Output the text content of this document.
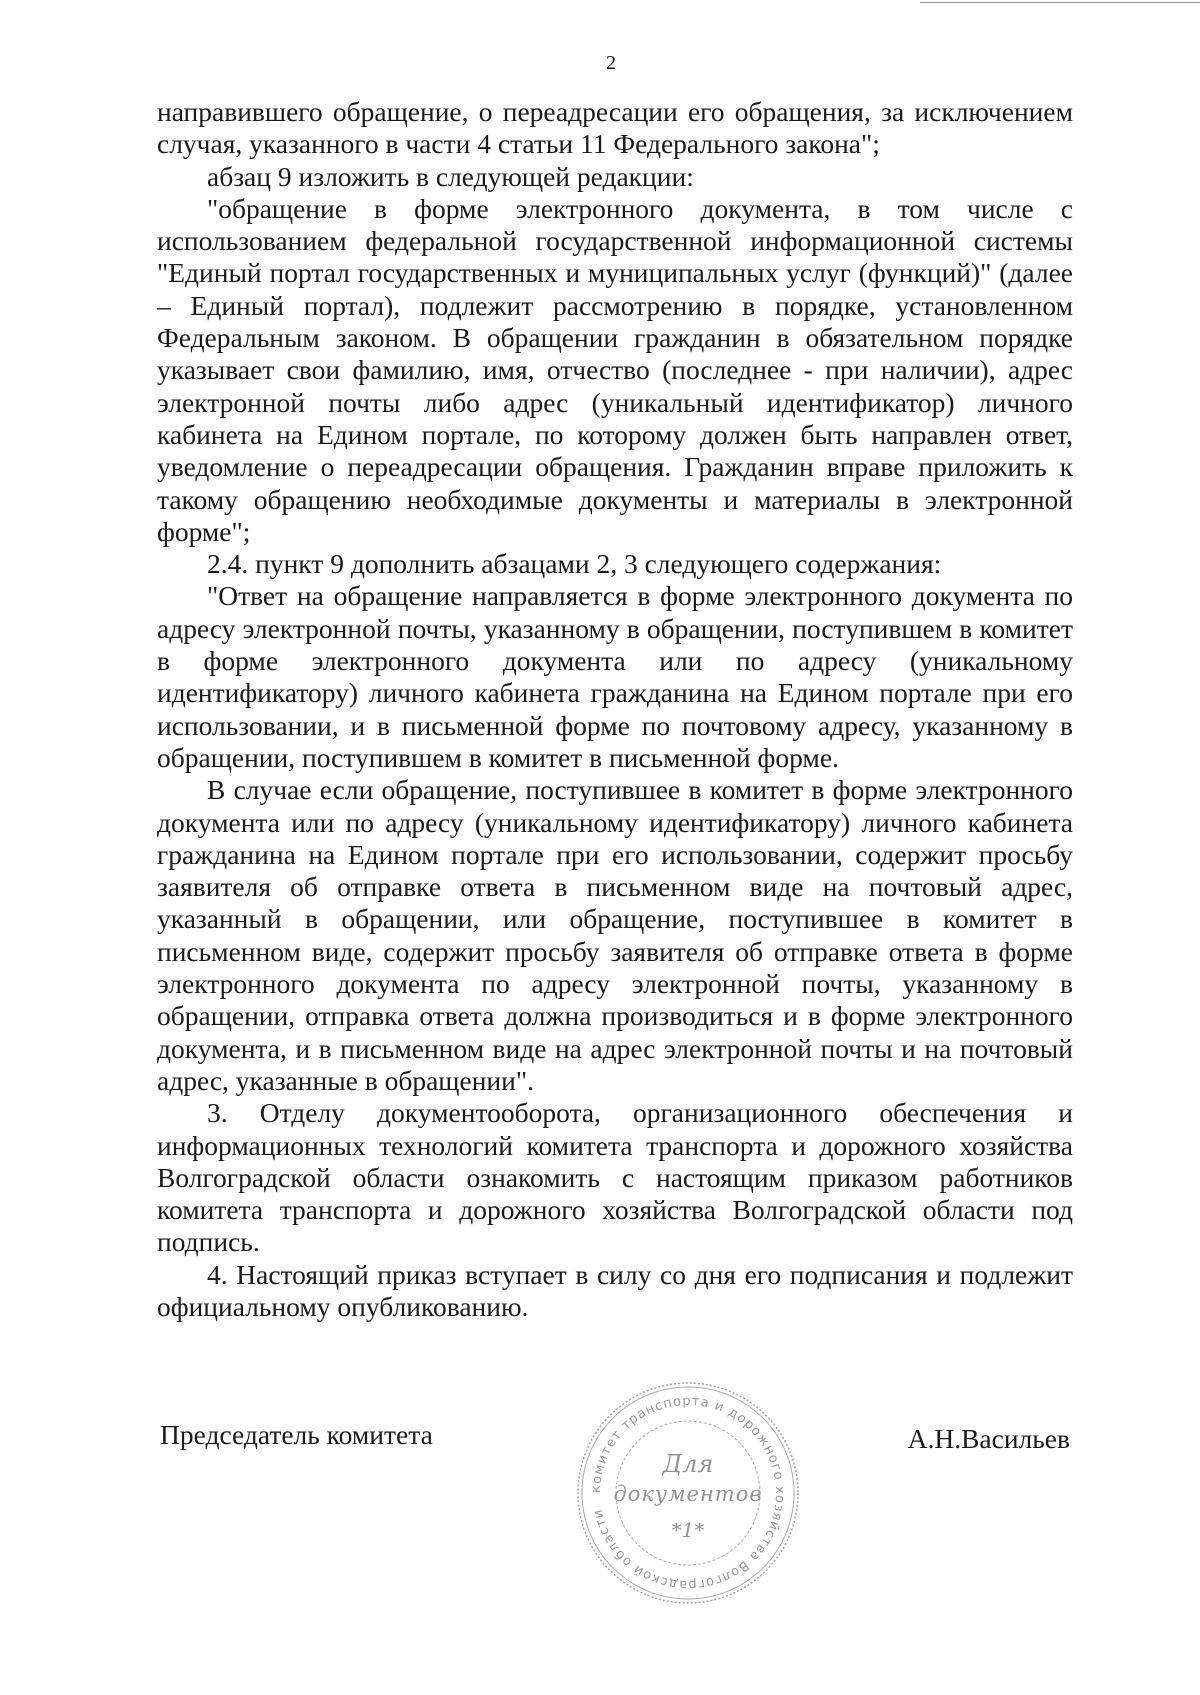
2

направившего обращение, о переадресации его обращения, за исключением случая, указанного в части 4 статьи 11 Федерального закона";

абзац 9 изложить в следующей редакции:

"обращение в форме электронного документа, в том числе с использованием федеральной государственной информационной системы "Единый портал государственных и муниципальных услуг (функций)" (далее – Единый портал), подлежит рассмотрению в порядке, установленном Федеральным законом. В обращении гражданин в обязательном порядке указывает свои фамилию, имя, отчество (последнее - при наличии), адрес электронной почты либо адрес (уникальный идентификатор) личного кабинета на Едином портале, по которому должен быть направлен ответ, уведомление о переадресации обращения. Гражданин вправе приложить к такому обращению необходимые документы и материалы в электронной форме";

2.4. пункт 9 дополнить абзацами 2, 3 следующего содержания:

"Ответ на обращение направляется в форме электронного документа по адресу электронной почты, указанному в обращении, поступившем в комитет в форме электронного документа или по адресу (уникальному идентификатору) личного кабинета гражданина на Едином портале при его использовании, и в письменной форме по почтовому адресу, указанному в обращении, поступившем в комитет в письменной форме.

В случае если обращение, поступившее в комитет в форме электронного документа или по адресу (уникальному идентификатору) личного кабинета гражданина на Едином портале при его использовании, содержит просьбу заявителя об отправке ответа в письменном виде на почтовый адрес, указанный в обращении, или обращение, поступившее в комитет в письменном виде, содержит просьбу заявителя об отправке ответа в форме электронного документа по адресу электронной почты, указанному в обращении, отправка ответа должна производиться и в форме электронного документа, и в письменном виде на адрес электронной почты и на почтовый адрес, указанные в обращении".

3. Отделу документооборота, организационного обеспечения и информационных технологий комитета транспорта и дорожного хозяйства Волгоградской области ознакомить с настоящим приказом работников комитета транспорта и дорожного хозяйства Волгоградской области под подпись.

4. Настоящий приказ вступает в силу со дня его подписания и подлежит официальному опубликованию.

Председатель комитета
комитет транспорта и дорожного хозяйства Волгоградской области
Для
документов
*1*
А.Н.Васильев
